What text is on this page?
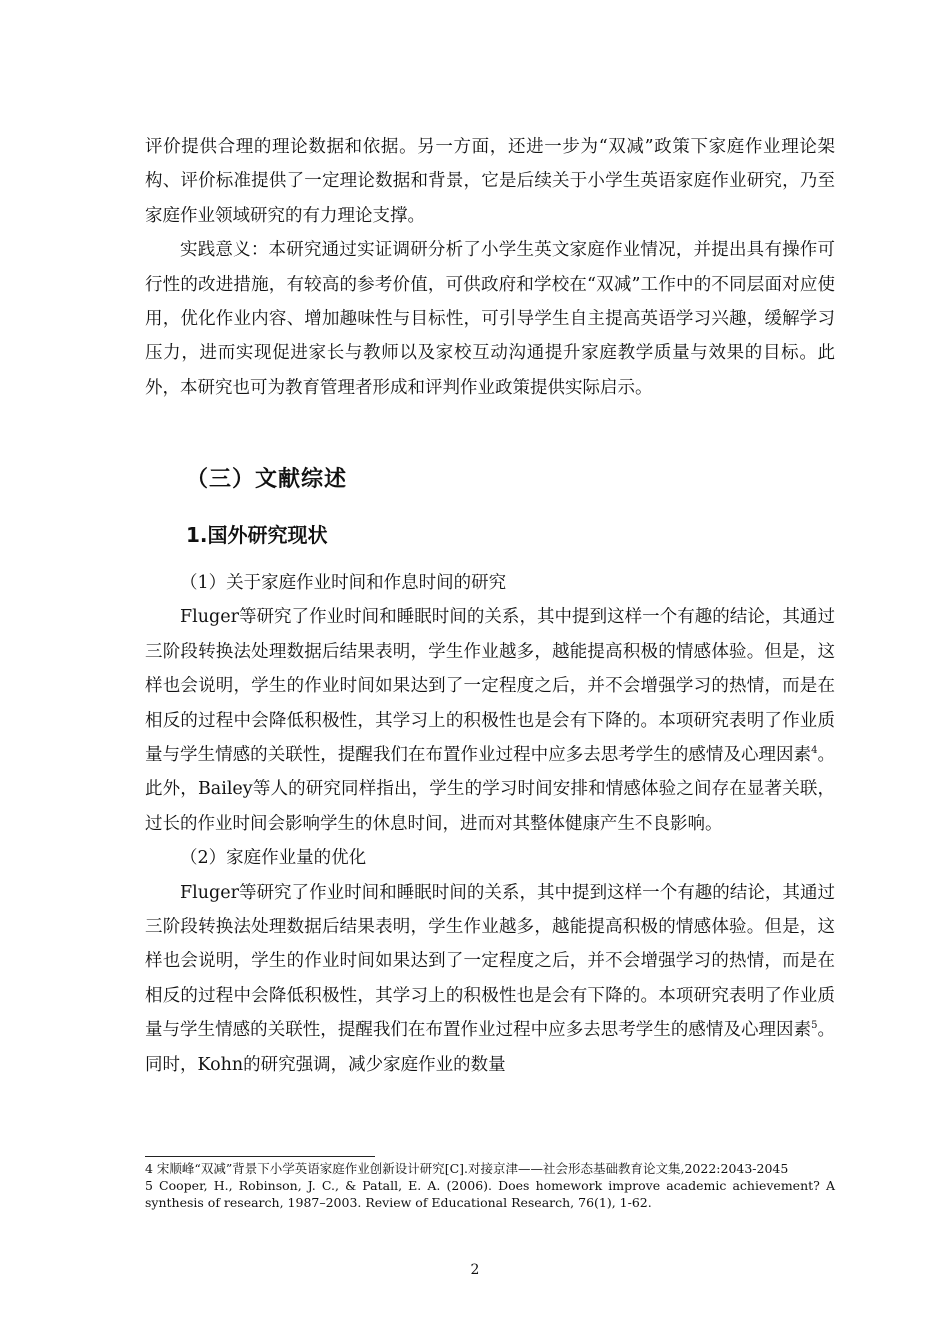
评价提供合理的理论数据和依据。另一方面，还进一步为“双减”政策下家庭作业理论架构、评价标准提供了一定理论数据和背景，它是后续关于小学生英语家庭作业研究，乃至家庭作业领域研究的有力理论支撑。

实践意义：本研究通过实证调研分析了小学生英文家庭作业情况，并提出具有操作可行性的改进措施，有较高的参考价值，可供政府和学校在“双减”工作中的不同层面对应使用，优化作业内容、增加趣味性与目标性，可引导学生自主提高英语学习兴趣，缓解学习压力，进而实现促进家长与教师以及家校互动沟通提升家庭教学质量与效果的目标。此外，本研究也可为教育管理者形成和评判作业政策提供实际启示。

（三）文献综述
1.国外研究现状

（1）关于家庭作业时间和作息时间的研究

Fluger等研究了作业时间和睡眠时间的关系，其中提到这样一个有趣的结论，其通过三阶段转换法处理数据后结果表明，学生作业越多，越能提高积极的情感体验。但是，这样也会说明，学生的作业时间如果达到了一定程度之后，并不会增强学习的热情，而是在相反的过程中会降低积极性，其学习上的积极性也是会有下降的。本项研究表明了作业质量与学生情感的关联性，提醒我们在布置作业过程中应多去思考学生的感情及心理因素$^4$。此外，Bailey等人的研究同样指出，学生的学习时间安排和情感体验之间存在显著关联，过长的作业时间会影响学生的休息时间，进而对其整体健康产生不良影响。

（2）家庭作业量的优化

Fluger等研究了作业时间和睡眠时间的关系，其中提到这样一个有趣的结论，其通过三阶段转换法处理数据后结果表明，学生作业越多，越能提高积极的情感体验。但是，这样也会说明，学生的作业时间如果达到了一定程度之后，并不会增强学习的热情，而是在相反的过程中会降低积极性，其学习上的积极性也是会有下降的。本项研究表明了作业质量与学生情感的关联性，提醒我们在布置作业过程中应多去思考学生的感情及心理因素$^5$。同时，Kohn的研究强调，减少家庭作业的数量

4 宋顺峰“双减”背景下小学英语家庭作业创新设计研究[C].对接京津——社会形态基础教育论文集,2022:2043-2045

5 Cooper, H., Robinson, J. C., & Patall, E. A. (2006). Does homework improve academic achievement? A synthesis of research, 1987–2003. Review of Educational Research, 76(1), 1-62.

2
